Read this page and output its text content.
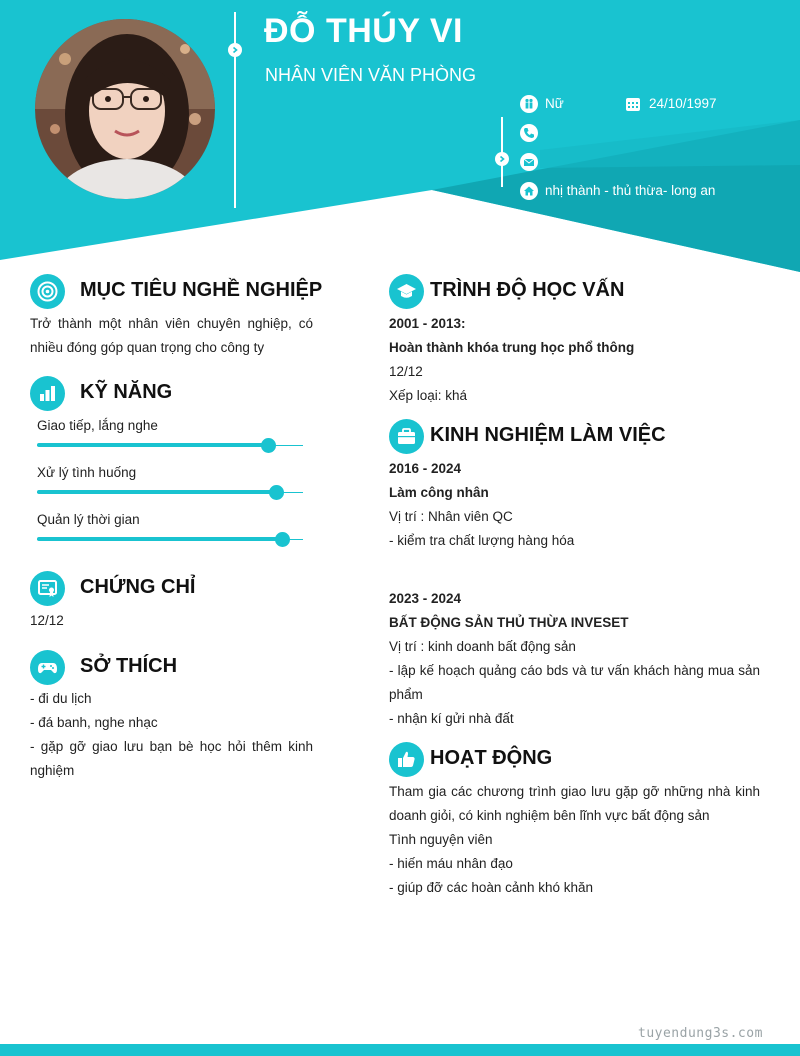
ĐỖ THÚY VI
NHÂN VIÊN VĂN PHÒNG
Nữ	24/10/1997
nhị thành - thủ thừa- long an
MỤC TIÊU NGHỀ NGHIỆP
Trở thành một nhân viên chuyên nghiệp, có nhiều đóng góp quan trọng cho công ty
KỸ NĂNG
Giao tiếp, lắng nghe
Xử lý tình huống
Quản lý thời gian
CHỨNG CHỈ
12/12
SỞ THÍCH
- đi du lịch
- đá banh, nghe nhạc
- gặp gỡ giao lưu bạn bè học hỏi thêm kinh nghiệm
TRÌNH ĐỘ HỌC VẤN
2001 - 2013:
Hoàn thành khóa trung học phổ thông
12/12
Xếp loại: khá
KINH NGHIỆM LÀM VIỆC
2016 - 2024
Làm công nhân
Vị trí : Nhân viên QC
- kiểm tra chất lượng hàng hóa
2023 - 2024
BẤT ĐỘNG SẢN THỦ THỪA INVESET
Vị trí : kinh doanh bất động sản
- lập kế hoạch quảng cáo bds và tư vấn khách hàng mua sản phẩm
- nhận kí gửi nhà đất
HOẠT ĐỘNG
Tham gia các chương trình giao lưu gặp gỡ những nhà kinh doanh giỏi, có kinh nghiệm bên lĩnh vực bất động sản
Tình nguyện viên
- hiến máu nhân đạo
- giúp đỡ các hoàn cảnh khó khăn
tuyendung3s.com
